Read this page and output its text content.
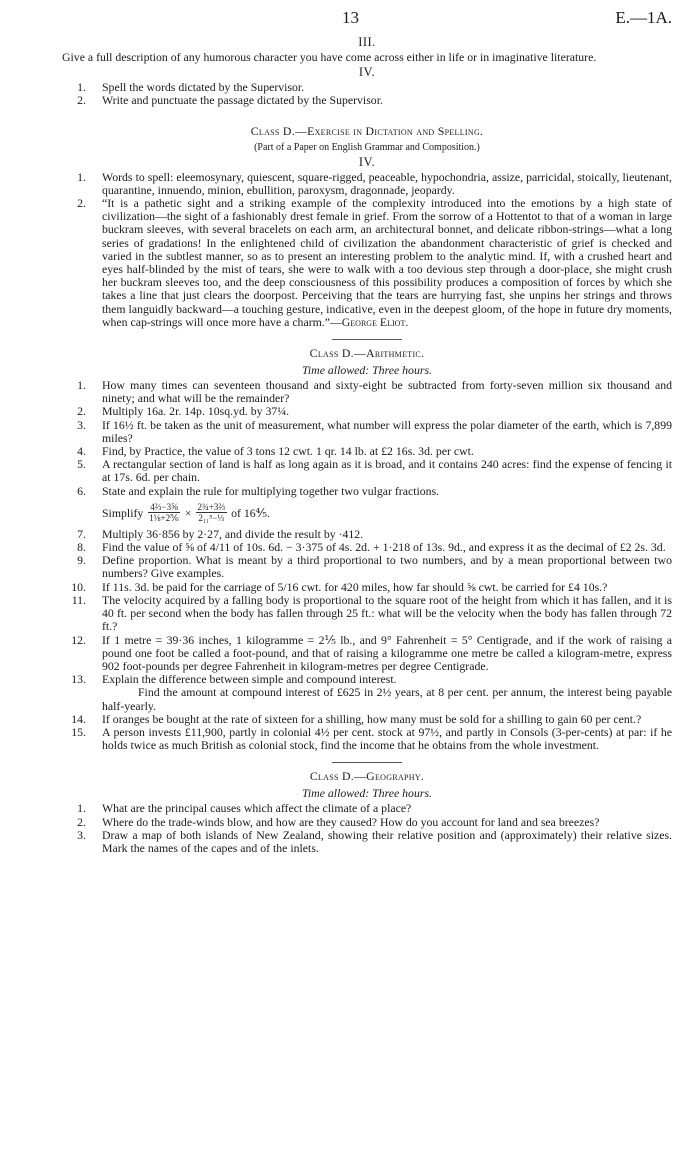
13	E.—1A.
III.
Give a full description of any humorous character you have come across either in life or in imaginative literature.
IV.
1. Spell the words dictated by the Supervisor.
2. Write and punctuate the passage dictated by the Supervisor.
Class D.—Exercise in Dictation and Spelling.
(Part of a Paper on English Grammar and Composition.)
IV.
1. Words to spell: eleemosynary, quiescent, square-rigged, peaceable, hypochondria, assize, parricidal, stoically, lieutenant, quarantine, innuendo, minion, ebullition, paroxysm, dragonnade, jeopardy.
2. “It is a pathetic sight and a striking example of the complexity introduced into the emotions by a high state of civilization—the sight of a fashionably drest female in grief. From the sorrow of a Hottentot to that of a woman in large buckram sleeves, with several bracelets on each arm, an architectural bonnet, and delicate ribbon-strings—what a long series of gradations! In the enlightened child of civilization the abandonment characteristic of grief is checked and varied in the subtlest manner, so as to present an interesting problem to the analytic mind. If, with a crushed heart and eyes half-blinded by the mist of tears, she were to walk with a too devious step through a door-place, she might crush her buckram sleeves too, and the deep consciousness of this possibility produces a composition of forces by which she takes a line that just clears the doorpost. Perceiving that the tears are hurrying fast, she unpins her strings and throws them languidly backward—a touching gesture, indicative, even in the deepest gloom, of the hope in future dry moments, when cap-strings will once more have a charm.”—George Eliot.
Class D.—Arithmetic.
Time allowed: Three hours.
1. How many times can seventeen thousand and sixty-eight be subtracted from forty-seven million six thousand and ninety; and what will be the remainder?
2. Multiply 16a. 2r. 14p. 10sq.yd. by 37¼.
3. If 16½ ft. be taken as the unit of measurement, what number will express the polar diameter of the earth, which is 7,899 miles?
4. Find, by Practice, the value of 3 tons 12 cwt. 1 qr. 14 lb. at £2 16s. 3d. per cwt.
5. A rectangular section of land is half as long again as it is broad, and it contains 240 acres: find the expense of fencing it at 17s. 6d. per chain.
6. State and explain the rule for multiplying together two vulgar fractions.
Simplify $\frac{\text{4⅔−3⅝}}{\text{1⅛+2⅚}} \times \frac{\text{2¾+3⅔}}{\text{2₁₁⁵−⅓}}$ of 16⅘.
7. Multiply 36·856 by 2·27, and divide the result by ·412.
8. Find the value of ⅝ of 4/11 of 10s. 6d. − 3·375 of 4s. 2d. + 1·218 of 13s. 9d., and express it as the decimal of £2 2s. 3d.
9. Define proportion. What is meant by a third proportional to two numbers, and by a mean proportional between two numbers? Give examples.
10. If 11s. 3d. be paid for the carriage of 5/16 cwt. for 420 miles, how far should ⅝ cwt. be carried for £4 10s.?
11. The velocity acquired by a falling body is proportional to the square root of the height from which it has fallen, and it is 40 ft. per second when the body has fallen through 25 ft.: what will be the velocity when the body has fallen through 72 ft.?
12. If 1 metre = 39·36 inches, 1 kilogramme = 2⅕ lb., and 9° Fahrenheit = 5° Centigrade, and if the work of raising a pound one foot be called a foot-pound, and that of raising a kilogramme one metre be called a kilogram-metre, express 902 foot-pounds per degree Fahrenheit in kilogram-metres per degree Centigrade.
13. Explain the difference between simple and compound interest.
Find the amount at compound interest of £625 in 2½ years, at 8 per cent. per annum, the interest being payable half-yearly.
14. If oranges be bought at the rate of sixteen for a shilling, how many must be sold for a shilling to gain 60 per cent.?
15. A person invests £11,900, partly in colonial 4½ per cent. stock at 97½, and partly in Consols (3-per-cents) at par: if he holds twice as much British as colonial stock, find the income that he obtains from the whole investment.
Class D.—Geography.
Time allowed: Three hours.
1. What are the principal causes which affect the climate of a place?
2. Where do the trade-winds blow, and how are they caused? How do you account for land and sea breezes?
3. Draw a map of both islands of New Zealand, showing their relative position and (approximately) their relative sizes. Mark the names of the capes and of the inlets.
